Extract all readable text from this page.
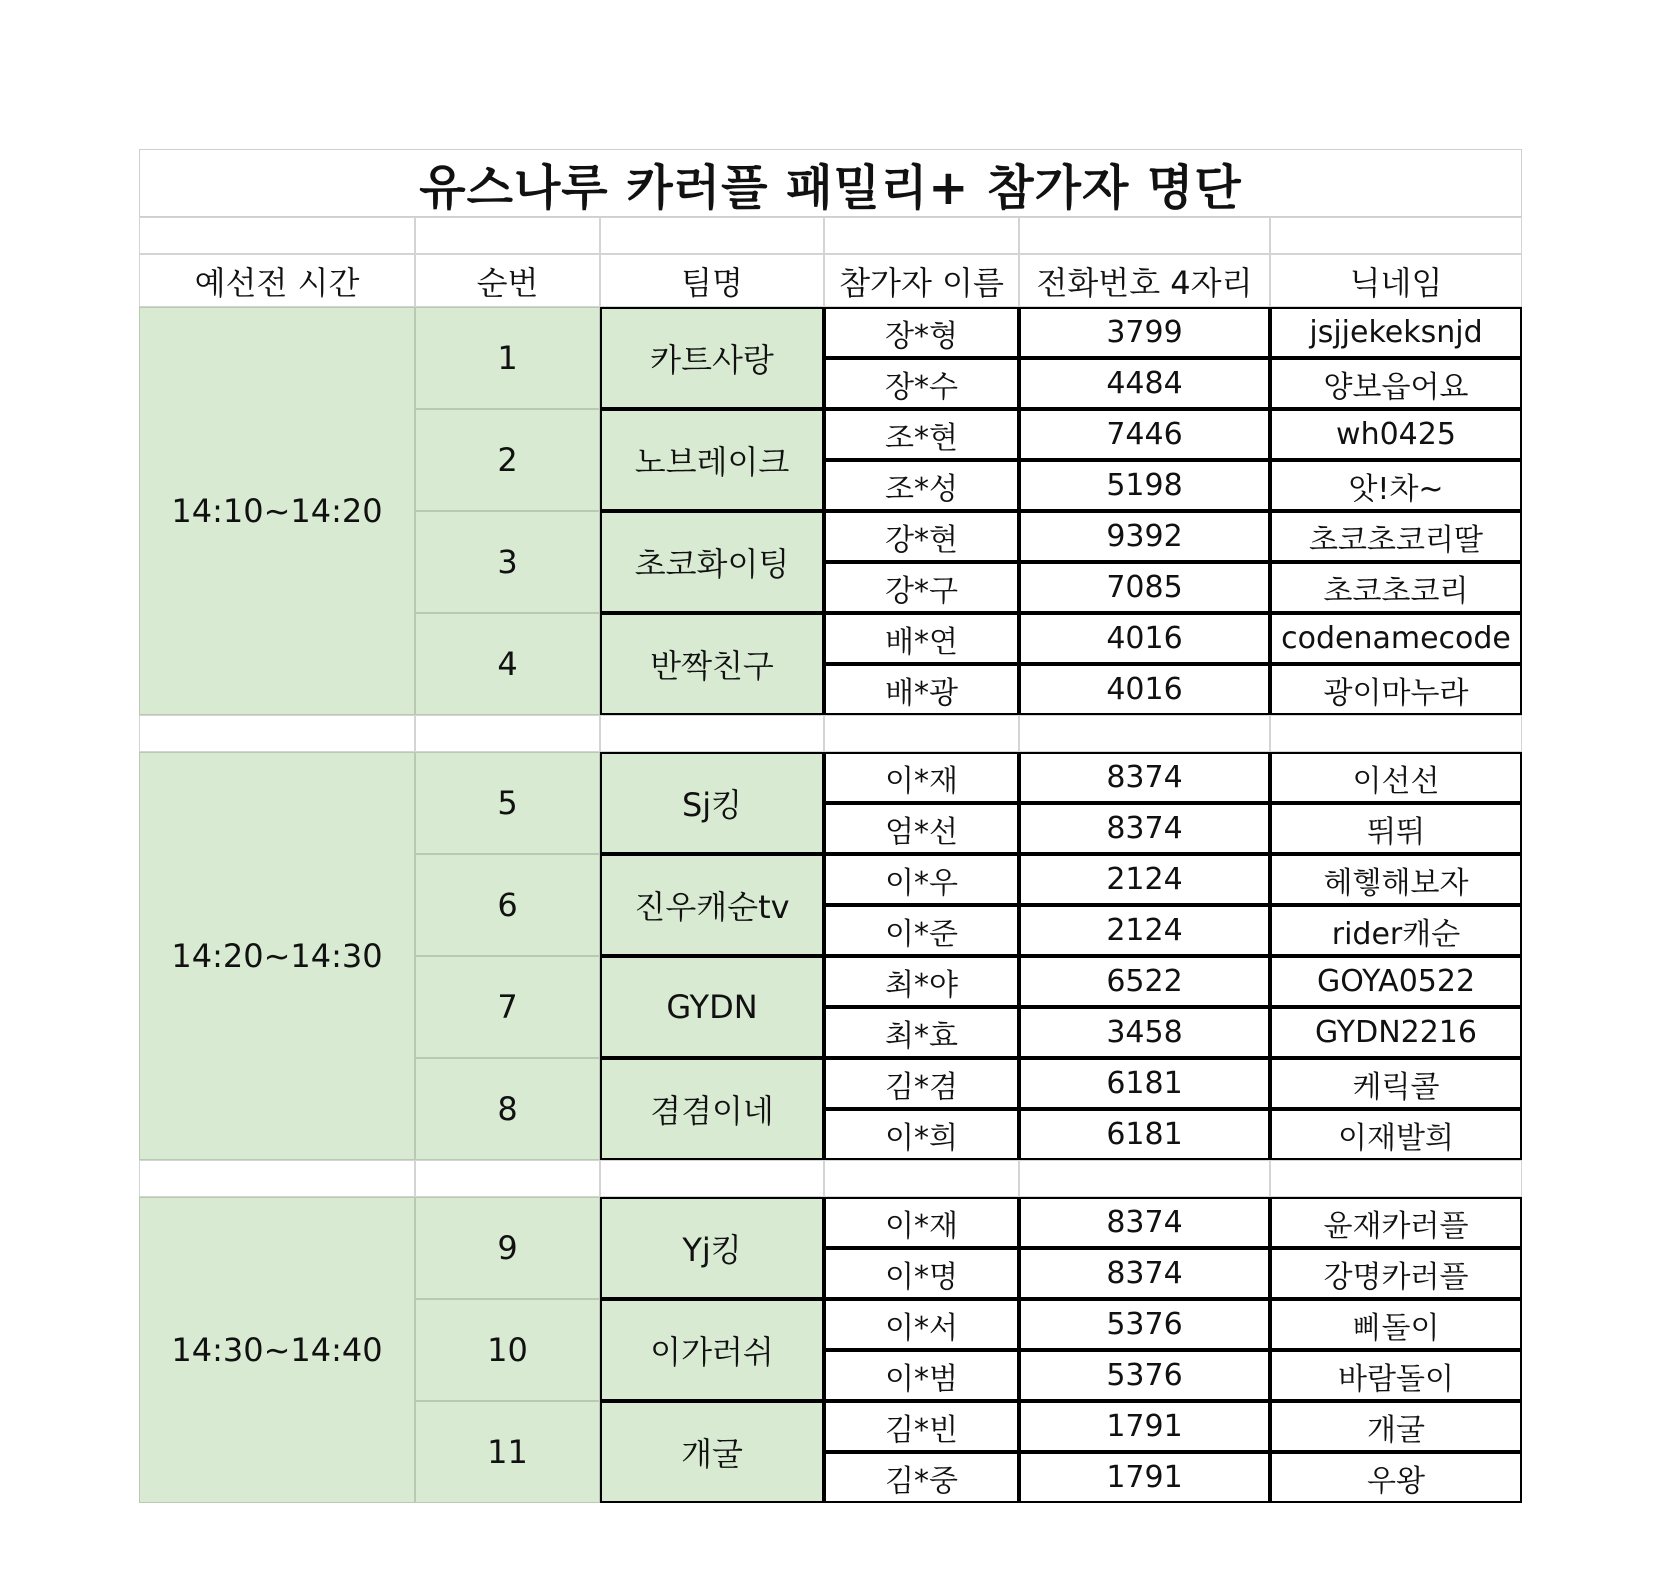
유스나루 카러플 패밀리+ 참가자 명단
예선전 시간	순번	팀명	참가자 이름	전화번호 4자리	닉네임
14:10~14:20
1	카트사랑
장*형	3799	jsjjekeksnjd
장*수	4484	양보읍어요
2	노브레이크
조*현	7446	wh0425
조*성	5198	앗!차~
3	초코화이팅
강*현	9392	초코초코리딸
강*구	7085	초코초코리
4	반짝친구
배*연	4016	codenamecode
배*광	4016	광이마누라
14:20~14:30
5	Sj킹
이*재	8374	이선선
엄*선	8374	뛰뛰
6	진우캐순tv
이*우	2124	헤헿해보자
이*준	2124	rider캐순
7	GYDN
최*야	6522	GOYA0522
최*효	3458	GYDN2216
8	겸겸이네
김*겸	6181	케릭콜
이*희	6181	이재발희
14:30~14:40
9	Yj킹
이*재	8374	윤재카러플
이*명	8374	강명카러플
10	이가러쉬
이*서	5376	삐돌이
이*범	5376	바람돌이
11	개굴
김*빈	1791	개굴
김*중	1791	우왕
